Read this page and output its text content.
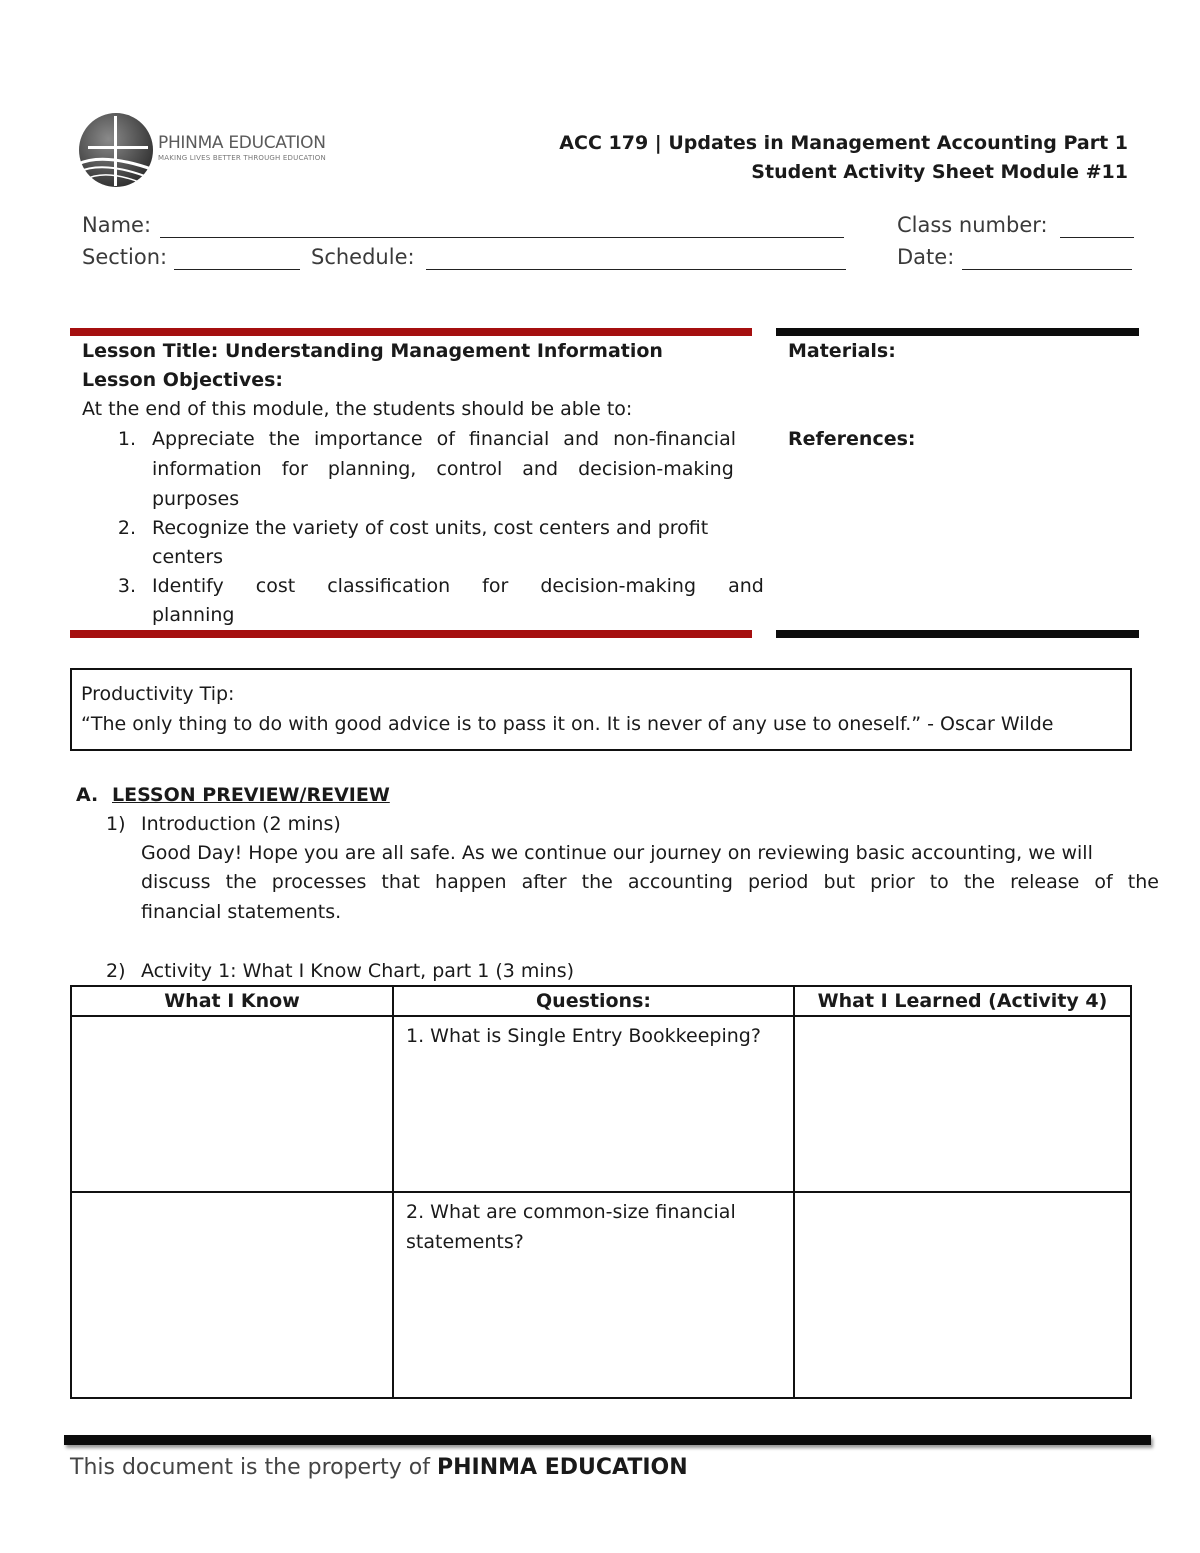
PHINMA EDUCATION
MAKING LIVES BETTER THROUGH EDUCATION
ACC 179 | Updates in Management Accounting Part 1
Student Activity Sheet Module #11
Name:	Class number:
Section:	Schedule:	Date:
Lesson Title: Understanding Management Information
Lesson Objectives:
At the end of this module, the students should be able to:
1. Appreciate the importance of financial and non-financial
information for planning, control and decision-making
purposes
2. Recognize the variety of cost units, cost centers and profit
centers
3. Identify cost classification for decision-making and
planning
Materials:
References:
Productivity Tip:
“The only thing to do with good advice is to pass it on. It is never of any use to oneself.” - Oscar Wilde
A. LESSON PREVIEW/REVIEW
1) Introduction (2 mins)
Good Day! Hope you are all safe. As we continue our journey on reviewing basic accounting, we will
discuss the processes that happen after the accounting period but prior to the release of the
financial statements.
2) Activity 1: What I Know Chart, part 1 (3 mins)
What I Know	Questions:	What I Learned (Activity 4)

	1. What is Single Entry Bookkeeping?	

	2. What are common-size financial statements?	

This document is the property of PHINMA EDUCATION
